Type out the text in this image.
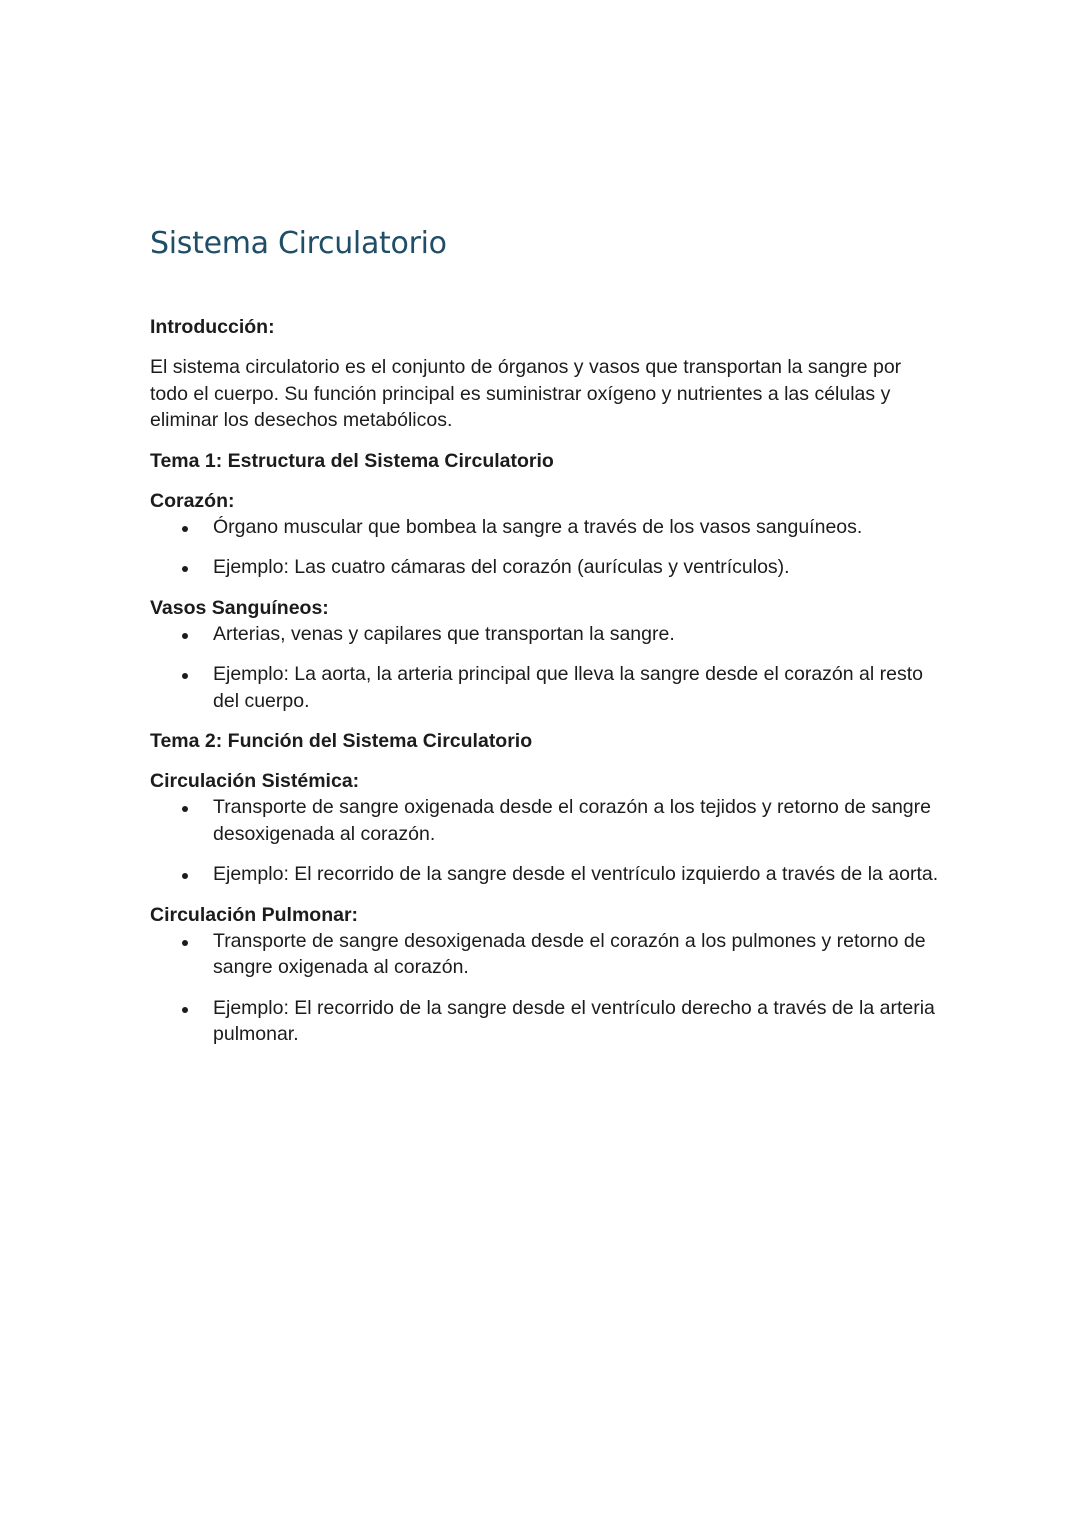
Sistema Circulatorio

Introducción:

El sistema circulatorio es el conjunto de órganos y vasos que transportan la sangre por todo el cuerpo. Su función principal es suministrar oxígeno y nutrientes a las células y eliminar los desechos metabólicos.

Tema 1: Estructura del Sistema Circulatorio

Corazón:

Órgano muscular que bombea la sangre a través de los vasos sanguíneos.
Ejemplo: Las cuatro cámaras del corazón (aurículas y ventrículos).

Vasos Sanguíneos:

Arterias, venas y capilares que transportan la sangre.
Ejemplo: La aorta, la arteria principal que lleva la sangre desde el corazón al resto del cuerpo.

Tema 2: Función del Sistema Circulatorio

Circulación Sistémica:

Transporte de sangre oxigenada desde el corazón a los tejidos y retorno de sangre desoxigenada al corazón.
Ejemplo: El recorrido de la sangre desde el ventrículo izquierdo a través de la aorta.

Circulación Pulmonar:

Transporte de sangre desoxigenada desde el corazón a los pulmones y retorno de sangre oxigenada al corazón.
Ejemplo: El recorrido de la sangre desde el ventrículo derecho a través de la arteria pulmonar.
